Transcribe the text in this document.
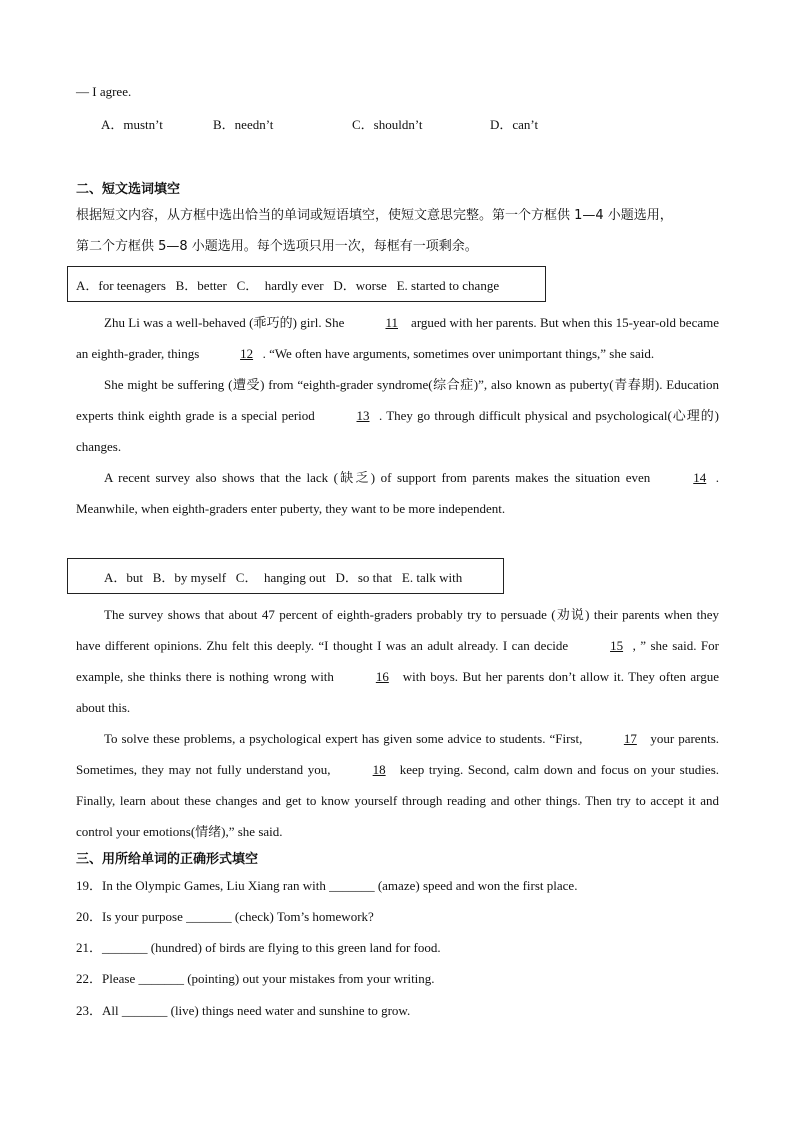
— I agree.
A．mustn’t	B．needn’t	C．shouldn’t	D．can’t
二、短文选词填空
根据短文内容，从方框中选出恰当的单词或短语填空，使短文意思完整。第一个方框供 1—4 小题选用，
第二个方框供 5—8 小题选用。每个选项只用一次，每框有一项剩余。
A．for teenagers   B．better   C．  hardly ever   D．worse   E. started to change

Zhu Li was a well-behaved (乖巧的) girl. She	11 argued with her parents. But when this 15-year-old became an eighth-grader, things	12 . “We often have arguments, sometimes over unimportant things,” she said.

She might be suffering (遭受) from “eighth-grader syndrome(综合症)”, also known as puberty(青春期). Education experts think eighth grade is a special period	13 . They go through difficult physical and psychological(心理的) changes.

A recent survey also shows that the lack (缺乏) of support from parents makes the situation even	14 . Meanwhile, when eighth-graders enter puberty, they want to be more independent.

A．but   B．by myself   C．  hanging out   D．so that   E. talk with

The survey shows that about 47 percent of eighth-graders probably try to persuade (劝说) their parents when they have different opinions. Zhu felt this deeply. “I thought I was an adult already. I can decide	15 , ” she said. For example, she thinks there is nothing wrong with	16 with boys. But her parents don’t allow it. They often argue about this.

To solve these problems, a psychological expert has given some advice to students. “First,	17 your parents. Sometimes, they may not fully understand you,	18 keep trying. Second, calm down and focus on your studies. Finally, learn about these changes and get to know yourself through reading and other things. Then try to accept it and control your emotions(情绪),” she said.

三、用所给单词的正确形式填空
19．In the Olympic Games, Liu Xiang ran with _______ (amaze) speed and won the first place.
20．Is your purpose _______ (check) Tom’s homework?
21．_______ (hundred) of birds are flying to this green land for food.
22．Please _______ (pointing) out your mistakes from your writing.
23．All _______ (live) things need water and sunshine to grow.
